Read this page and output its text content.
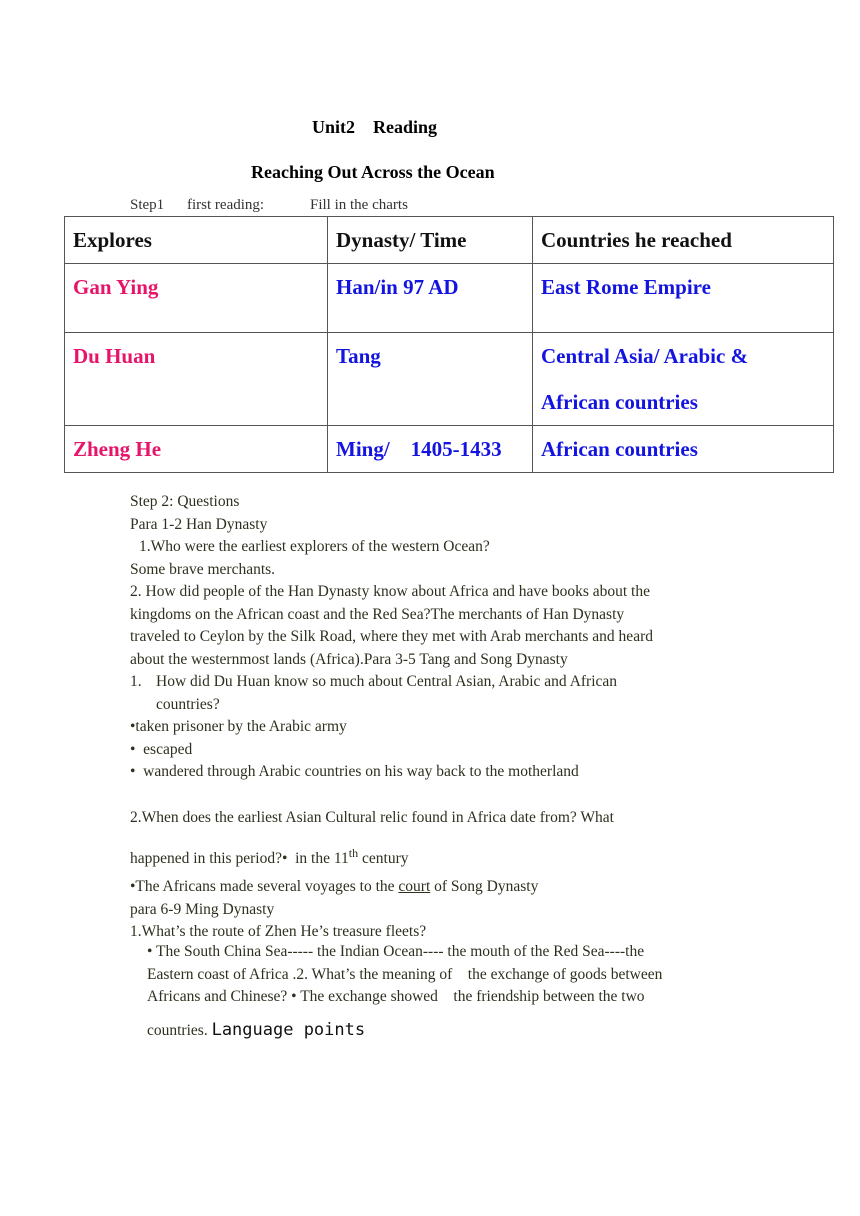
Unit2    Reading
Reaching Out Across the Ocean
Step1 first reading:	Fill in the charts
Explores	Dynasty/ Time	Countries he reached
Gan Ying	Han/in 97 AD	East Rome Empire

Du Huan	Tang	Central Asia/ Arabic &
African countries

Zheng He	Ming/    1405-1433	African countries

Step 2: Questions

Para 1-2 Han Dynasty

1.Who were the earliest explorers of the western Ocean?

Some brave merchants.

2. How did people of the Han Dynasty know about Africa and have books about the

kingdoms on the African coast and the Red Sea?The merchants of Han Dynasty

traveled to Ceylon by the Silk Road, where they met with Arab merchants and heard

about the westernmost lands (Africa).Para 3-5 Tang and Song Dynasty

1. How did Du Huan know so much about Central Asian, Arabic and African

countries?

•taken prisoner by the Arabic army

•  escaped

•  wandered through Arabic countries on his way back to the motherland

2.When does the earliest Asian Cultural relic found in Africa date from? What

happened in this period?•  in the 11th century

•The Africans made several voyages to the court of Song Dynasty

para 6-9 Ming Dynasty

1.What’s the route of Zhen He’s treasure fleets?

• The South China Sea----- the Indian Ocean---- the mouth of the Red Sea----the

Eastern coast of Africa .2. What’s the meaning of    the exchange of goods between

Africans and Chinese? • The exchange showed    the friendship between the two

countries. Language points
